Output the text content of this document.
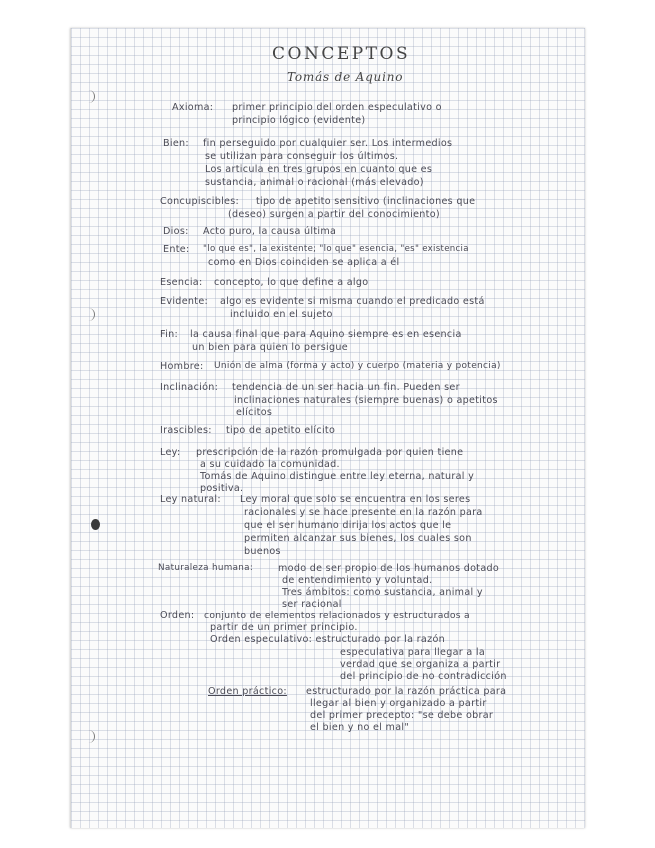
CONCEPTOS
Tomás de Aquino
Axioma: primer principio del orden especulativo o
principio lógico (evidente)
Bien: fin perseguido por cualquier ser. Los intermedios
se utilizan para conseguir los últimos.
Los articula en tres grupos en cuanto que es
sustancia, animal o racional (más elevado)
Concupiscibles: tipo de apetito sensitivo (inclinaciones que
(deseo) surgen a partir del conocimiento)
Dios: Acto puro, la causa última
Ente: "lo que es", la existente; "lo que" esencia, "es" existencia
como en Dios coinciden se aplica a él
Esencia: concepto, lo que define a algo
Evidente: algo es evidente si misma cuando el predicado está
incluido en el sujeto
Fin: la causa final que para Aquino siempre es en esencia
un bien para quien lo persigue
Hombre: Unión de alma (forma y acto) y cuerpo (materia y potencia)
Inclinación: tendencia de un ser hacia un fin. Pueden ser
inclinaciones naturales (siempre buenas) o apetitos
elícitos
Irascibles: tipo de apetito elícito
Ley: prescripción de la razón promulgada por quien tiene
a su cuidado la comunidad.
Tomás de Aquino distingue entre ley eterna, natural y
positiva.
Ley natural: Ley moral que solo se encuentra en los seres
racionales y se hace presente en la razón para
que el ser humano dirija los actos que le
permiten alcanzar sus bienes, los cuales son
buenos
Naturaleza humana:	modo de ser propio de los humanos dotado
de entendimiento y voluntad.
Tres ámbitos: como sustancia, animal y
ser racional
Orden: conjunto de elementos relacionados y estructurados a
partir de un primer principio.
Orden especulativo: estructurado por la razón
especulativa para llegar a la
verdad que se organiza a partir
del principio de no contradicción
Orden práctico: estructurado por la razón práctica para
llegar al bien y organizado a partir
del primer precepto: "se debe obrar
el bien y no el mal"
